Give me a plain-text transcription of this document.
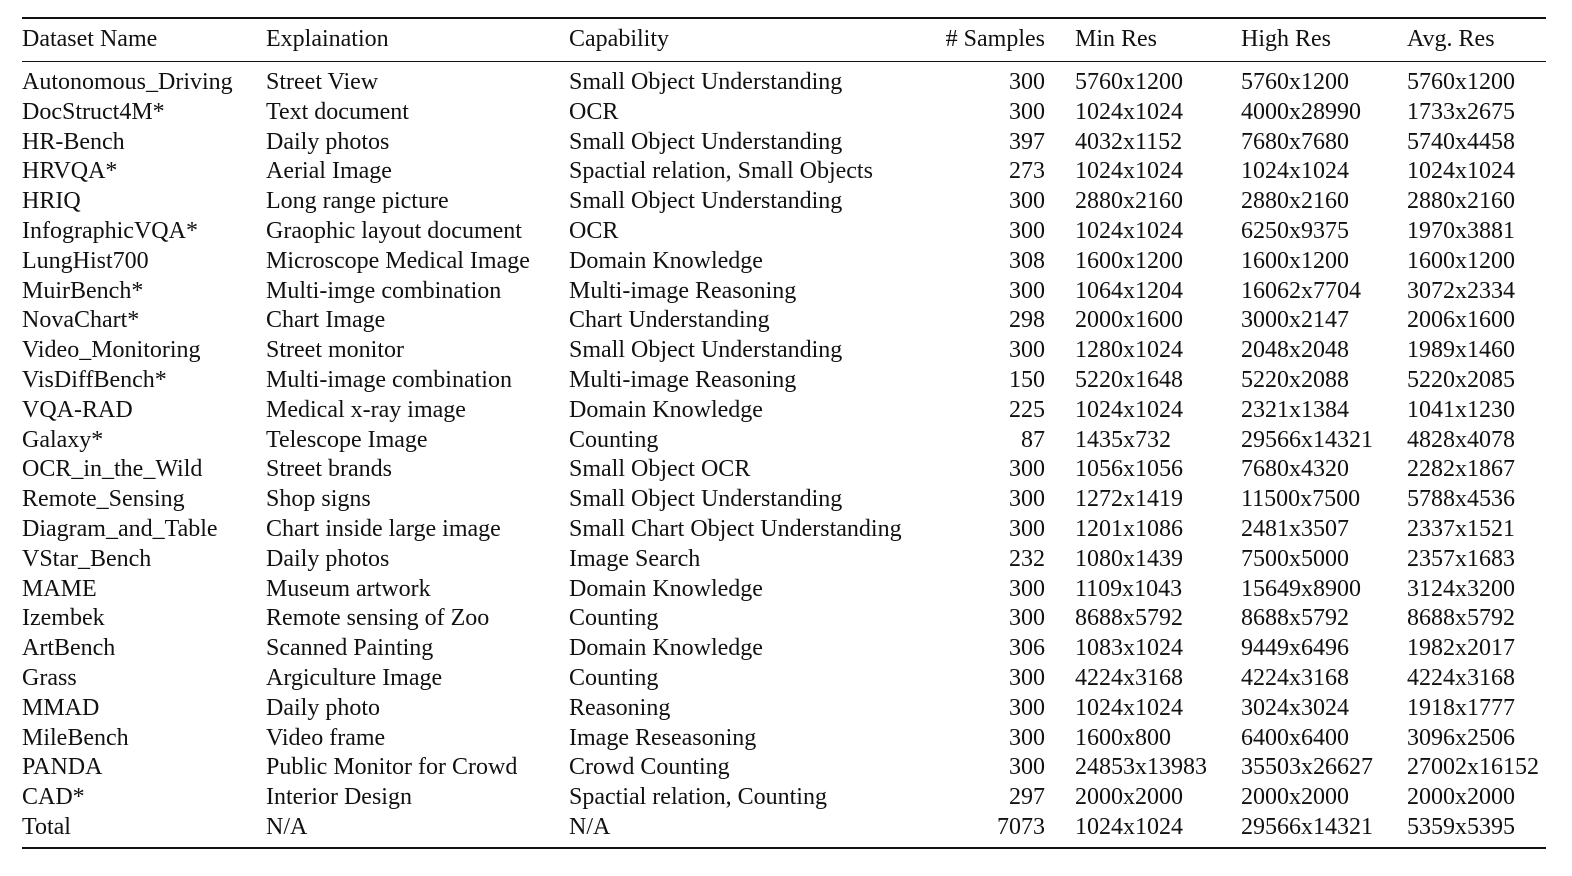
Dataset Name	Explaination	Capability	# Samples	Min Res	High Res	Avg. Res
Autonomous_Driving	Street View	Small Object Understanding	300	5760x1200	5760x1200	5760x1200
DocStruct4M*	Text document	OCR	300	1024x1024	4000x28990	1733x2675
HR-Bench	Daily photos	Small Object Understanding	397	4032x1152	7680x7680	5740x4458
HRVQA*	Aerial Image	Spactial relation, Small Objects	273	1024x1024	1024x1024	1024x1024
HRIQ	Long range picture	Small Object Understanding	300	2880x2160	2880x2160	2880x2160
InfographicVQA*	Graophic layout document	OCR	300	1024x1024	6250x9375	1970x3881
LungHist700	Microscope Medical Image	Domain Knowledge	308	1600x1200	1600x1200	1600x1200
MuirBench*	Multi-imge combination	Multi-image Reasoning	300	1064x1204	16062x7704	3072x2334
NovaChart*	Chart Image	Chart Understanding	298	2000x1600	3000x2147	2006x1600
Video_Monitoring	Street monitor	Small Object Understanding	300	1280x1024	2048x2048	1989x1460
VisDiffBench*	Multi-image combination	Multi-image Reasoning	150	5220x1648	5220x2088	5220x2085
VQA-RAD	Medical x-ray image	Domain Knowledge	225	1024x1024	2321x1384	1041x1230
Galaxy*	Telescope Image	Counting	87	1435x732	29566x14321	4828x4078
OCR_in_the_Wild	Street brands	Small Object OCR	300	1056x1056	7680x4320	2282x1867
Remote_Sensing	Shop signs	Small Object Understanding	300	1272x1419	11500x7500	5788x4536
Diagram_and_Table	Chart inside large image	Small Chart Object Understanding	300	1201x1086	2481x3507	2337x1521
VStar_Bench	Daily photos	Image Search	232	1080x1439	7500x5000	2357x1683
MAME	Museum artwork	Domain Knowledge	300	1109x1043	15649x8900	3124x3200
Izembek	Remote sensing of Zoo	Counting	300	8688x5792	8688x5792	8688x5792
ArtBench	Scanned Painting	Domain Knowledge	306	1083x1024	9449x6496	1982x2017
Grass	Argiculture Image	Counting	300	4224x3168	4224x3168	4224x3168
MMAD	Daily photo	Reasoning	300	1024x1024	3024x3024	1918x1777
MileBench	Video frame	Image Reseasoning	300	1600x800	6400x6400	3096x2506
PANDA	Public Monitor for Crowd	Crowd Counting	300	24853x13983	35503x26627	27002x16152
CAD*	Interior Design	Spactial relation, Counting	297	2000x2000	2000x2000	2000x2000
Total	N/A	N/A	7073	1024x1024	29566x14321	5359x5395
